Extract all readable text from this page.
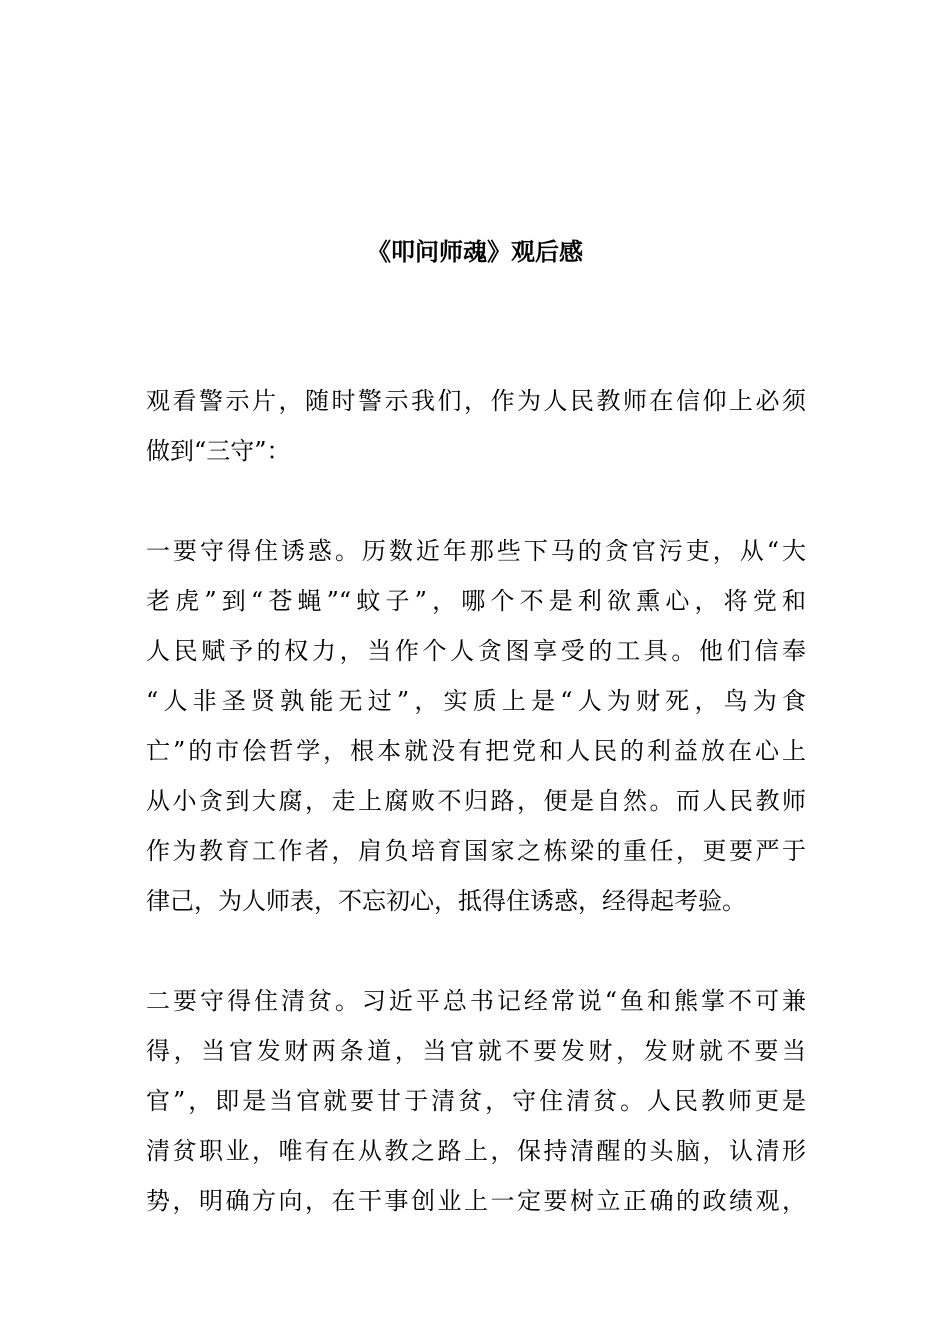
《叩问师魂》观后感
观看警示片，随时警示我们，作为人民教师在信仰上必须
做到“三守”：
一要守得住诱惑。历数近年那些下马的贪官污吏，从“大
老虎”到“苍蝇”“蚊子”，哪个不是利欲熏心，将党和
人民赋予的权力，当作个人贪图享受的工具。他们信奉
“人非圣贤孰能无过”，实质上是“人为财死，鸟为食
亡”的市侩哲学，根本就没有把党和人民的利益放在心上
从小贪到大腐，走上腐败不归路，便是自然。而人民教师
作为教育工作者，肩负培育国家之栋梁的重任，更要严于
律己，为人师表，不忘初心，抵得住诱惑，经得起考验。
二要守得住清贫。习近平总书记经常说“鱼和熊掌不可兼
得，当官发财两条道，当官就不要发财，发财就不要当
官”，即是当官就要甘于清贫，守住清贫。人民教师更是
清贫职业，唯有在从教之路上，保持清醒的头脑，认清形
势，明确方向，在干事创业上一定要树立正确的政绩观，
